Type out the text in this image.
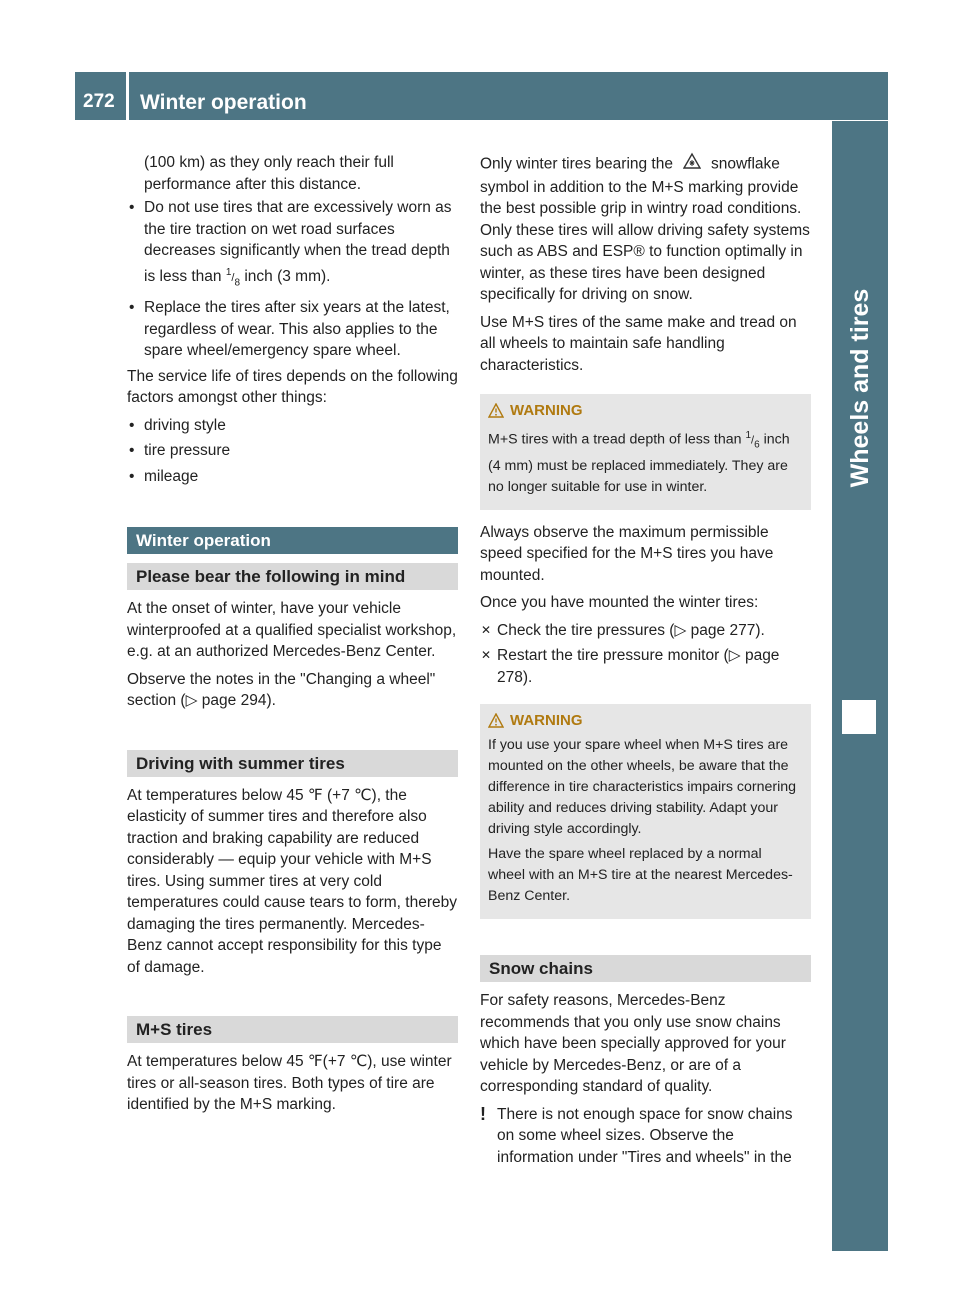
272	Winter operation
Wheels and tires
(100 km) as they only reach their full
performance after this distance.
• Do not use tires that are excessively worn as the tire traction on wet road surfaces decreases significantly when the tread depth is less than $^1/_8$ inch (3 mm).
• Replace the tires after six years at the latest, regardless of wear. This also applies to the spare wheel/emergency spare wheel.

The service life of tires depends on the following factors amongst other things:

• driving style
• tire pressure
• mileage
Winter operation
Please bear the following in mind

At the onset of winter, have your vehicle winterproofed at a qualified specialist workshop, e.g. at an authorized Mercedes-Benz Center.

Observe the notes in the "Changing a wheel" section (▷ page 294).

Driving with summer tires

At temperatures below 45 ℉ (+7 ℃), the elasticity of summer tires and therefore also traction and braking capability are reduced considerably — equip your vehicle with M+S tires. Using summer tires at very cold temperatures could cause tears to form, thereby damaging the tires permanently. Mercedes-Benz cannot accept responsibility for this type of damage.

M+S tires

At temperatures below 45 ℉(+7 ℃), use winter tires or all-season tires. Both types of tire are identified by the M+S marking.

Only winter tires bearing the snowflake symbol in addition to the M+S marking provide the best possible grip in wintry road conditions. Only these tires will allow driving safety systems such as ABS and ESP® to function optimally in winter, as these tires have been designed specifically for driving on snow.

Use M+S tires of the same make and tread on all wheels to maintain safe handling characteristics.

WARNING

M+S tires with a tread depth of less than $^1/_6$ inch (4 mm) must be replaced immediately. They are no longer suitable for use in winter.

Always observe the maximum permissible speed specified for the M+S tires you have mounted.

Once you have mounted the winter tires:

✕ Check the tire pressures (▷ page 277).
✕ Restart the tire pressure monitor (▷ page 278).
WARNING

If you use your spare wheel when M+S tires are mounted on the other wheels, be aware that the difference in tire characteristics impairs cornering ability and reduces driving stability. Adapt your driving style accordingly.

Have the spare wheel replaced by a normal wheel with an M+S tire at the nearest Mercedes-Benz Center.

Snow chains

For safety reasons, Mercedes-Benz recommends that you only use snow chains which have been specially approved for your vehicle by Mercedes-Benz, or are of a corresponding standard of quality.

! There is not enough space for snow chains on some wheel sizes. Observe the information under "Tires and wheels" in the
